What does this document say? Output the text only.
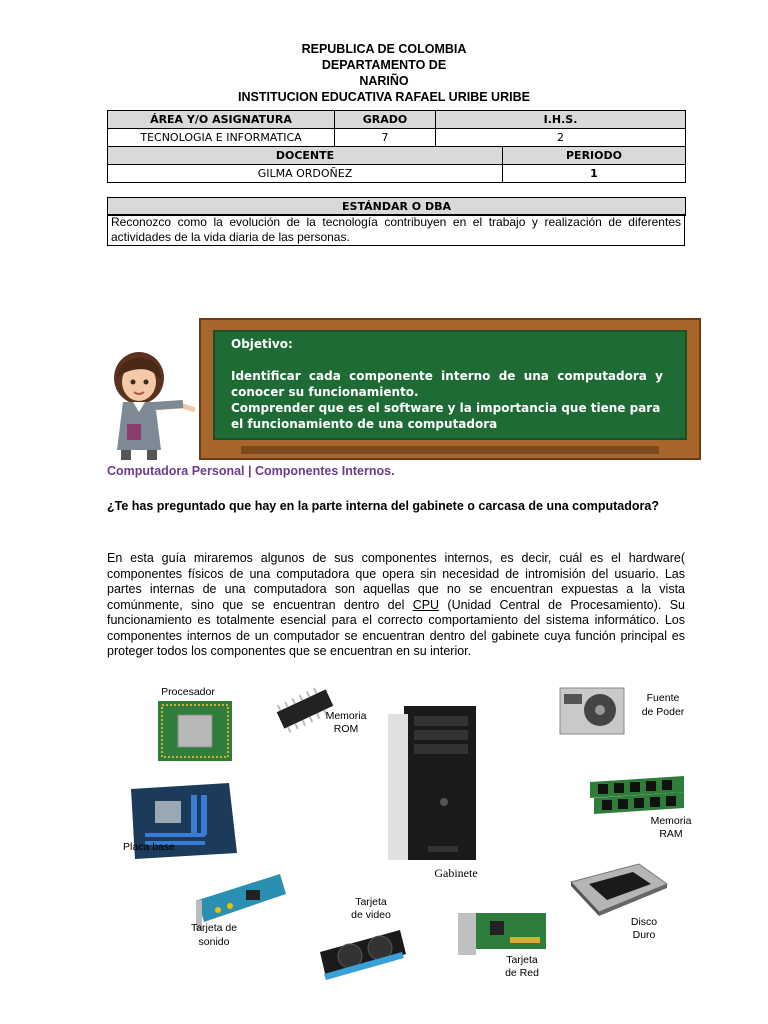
REPUBLICA DE COLOMBIA
DEPARTAMENTO DE
NARIÑO
INSTITUCION EDUCATIVA RAFAEL URIBE URIBE
ÁREA Y/O ASIGNATURA	GRADO	I.H.S.	
TECNOLOGIA E INFORMATICA	7	2	
DOCENTE			PERIODO
GILMA ORDOÑEZ			1
ESTÁNDAR O DBA
Reconozco como la evolución de la tecnología contribuyen en el trabajo y realización de diferentes actividades de la vida diaria de las personas.
Objetivo:
Identificar cada componente interno de una computadora y conocer su funcionamiento.
Comprender que es el software y la importancia que tiene para el funcionamiento de una computadora
Computadora Personal | Componentes Internos.
¿Te has preguntado que hay en la parte interna del gabinete o carcasa de una computadora?
En esta guía miraremos algunos de sus componentes internos, es decir, cuál es el hardware( componentes físicos de una computadora que opera sin necesidad de intromisión del usuario. Las partes internas de una computadora son aquellas que no se encuentran expuestas a la vista comúnmente, sino que se encuentran dentro del CPU (Unidad Central de Procesamiento). Su funcionamiento es totalmente esencial para el correcto comportamiento del sistema informático. Los componentes internos de un computador se encuentran dentro del gabinete cuya función principal es proteger todos los componentes que se encuentran en su interior.
Procesador
Memoria
ROM
Gabinete
Fuente
de Poder
Placa base
Memoria
RAM
Tarjeta de
sonido
Tarjeta
de video
Tarjeta
de Red
Disco
Duro
